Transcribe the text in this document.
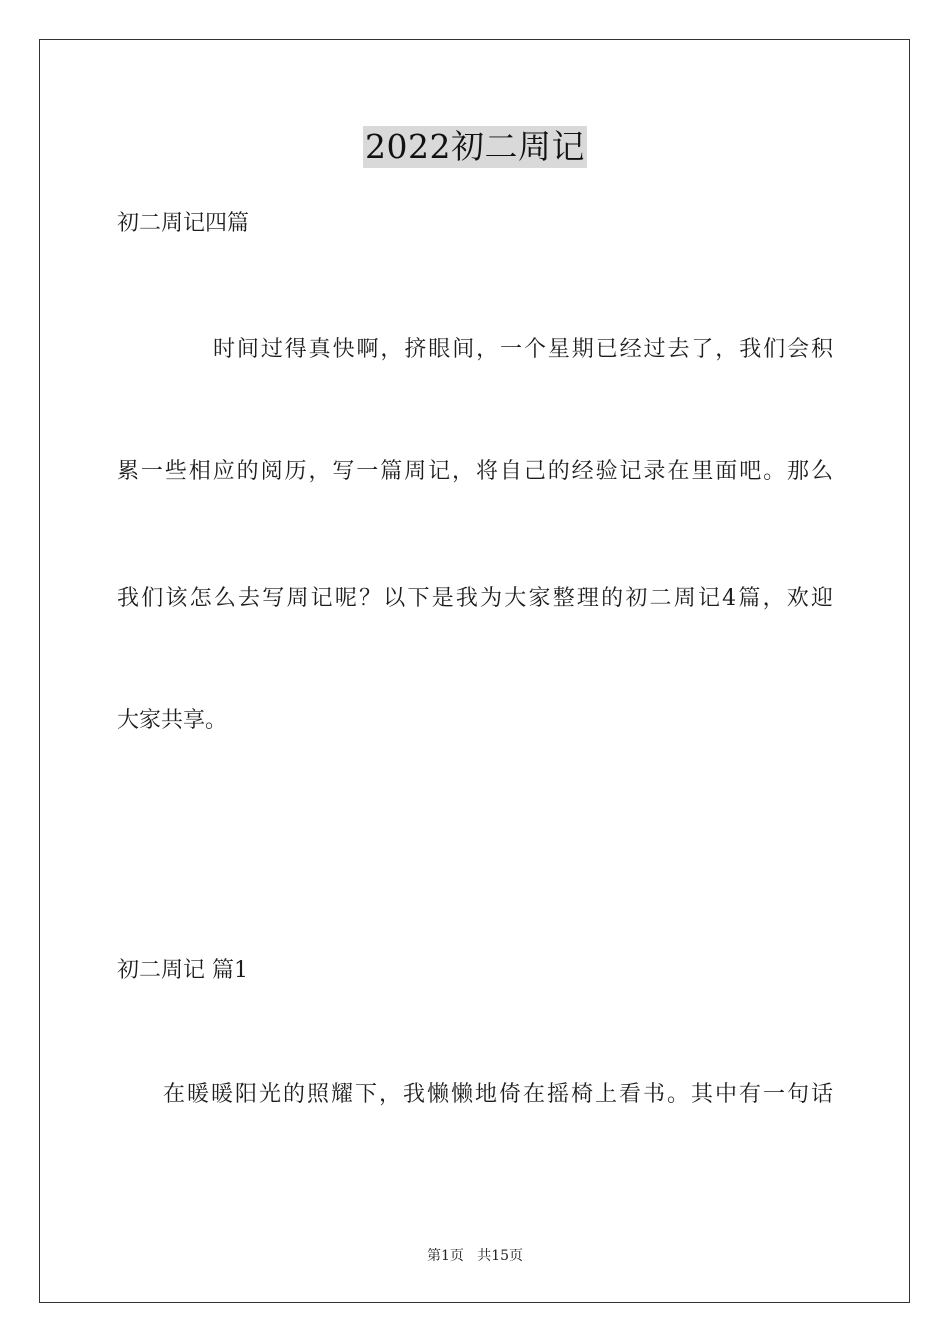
2022初二周记
初二周记四篇
时间过得真快啊，挤眼间，一个星期已经过去了，我们会积
累一些相应的阅历，写一篇周记，将自己的经验记录在里面吧。那么
我们该怎么去写周记呢？以下是我为大家整理的初二周记4篇，欢迎
大家共享。
初二周记 篇1
在暖暖阳光的照耀下，我懒懒地倚在摇椅上看书。其中有一句话
第1页   共15页
